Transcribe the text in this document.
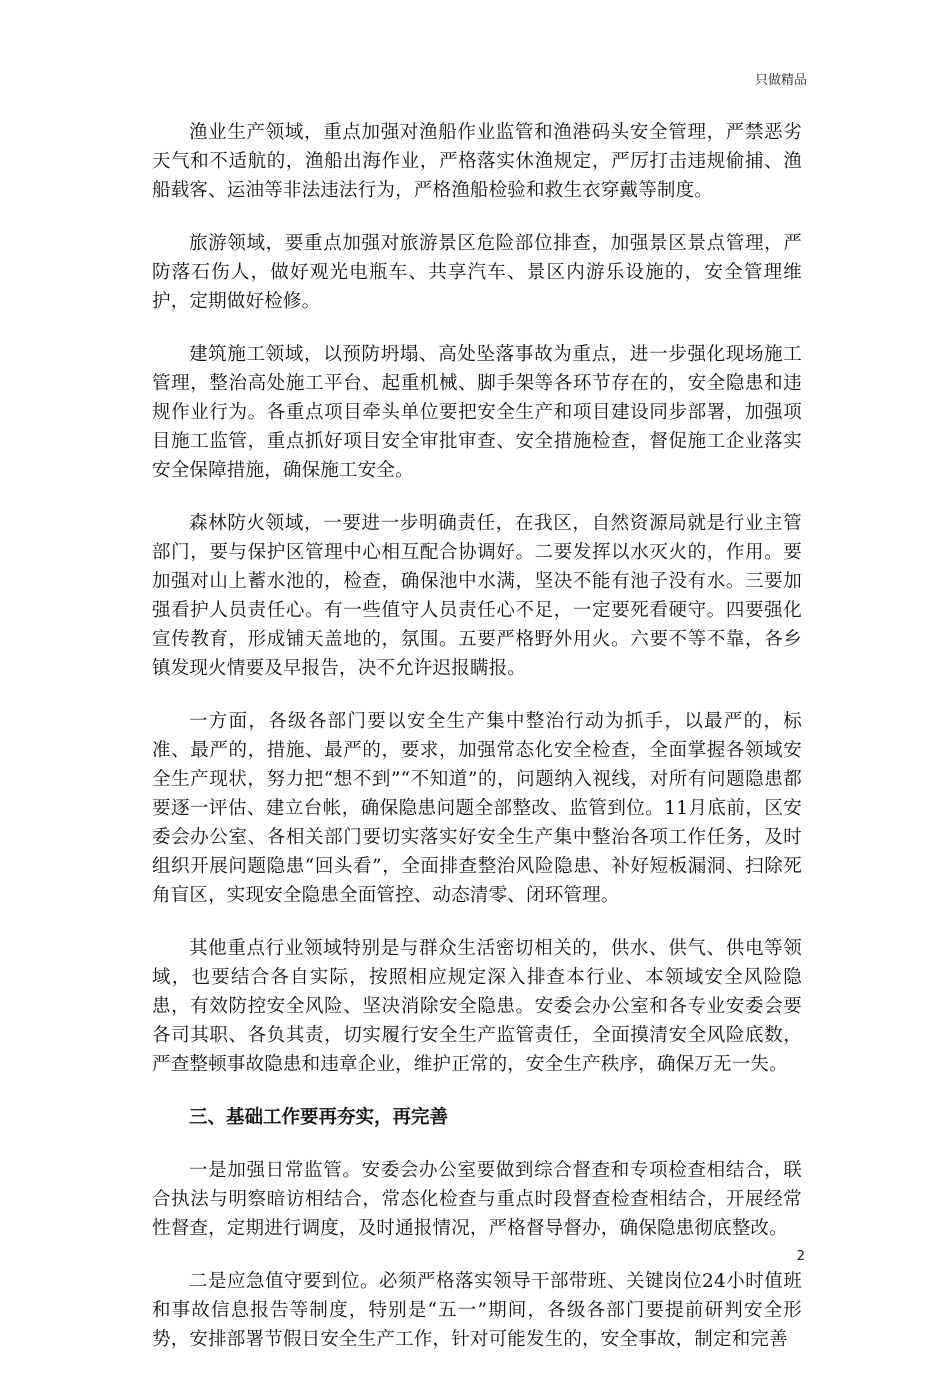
只做精品

渔业生产领域，重点加强对渔船作业监管和渔港码头安全管理，严禁恶劣天气和不适航的，渔船出海作业，严格落实休渔规定，严厉打击违规偷捕、渔船载客、运油等非法违法行为，严格渔船检验和救生衣穿戴等制度。

旅游领域，要重点加强对旅游景区危险部位排查，加强景区景点管理，严防落石伤人，做好观光电瓶车、共享汽车、景区内游乐设施的，安全管理维护，定期做好检修。

建筑施工领域，以预防坍塌、高处坠落事故为重点，进一步强化现场施工管理，整治高处施工平台、起重机械、脚手架等各环节存在的，安全隐患和违规作业行为。各重点项目牵头单位要把安全生产和项目建设同步部署，加强项目施工监管，重点抓好项目安全审批审查、安全措施检查，督促施工企业落实安全保障措施，确保施工安全。

森林防火领域，一要进一步明确责任，在我区，自然资源局就是行业主管部门，要与保护区管理中心相互配合协调好。二要发挥以水灭火的，作用。要加强对山上蓄水池的，检查，确保池中水满，坚决不能有池子没有水。三要加强看护人员责任心。有一些值守人员责任心不足，一定要死看硬守。四要强化宣传教育，形成铺天盖地的，氛围。五要严格野外用火。六要不等不靠，各乡镇发现火情要及早报告，决不允许迟报瞒报。

一方面，各级各部门要以安全生产集中整治行动为抓手，以最严的，标准、最严的，措施、最严的，要求，加强常态化安全检查，全面掌握各领域安全生产现状，努力把“想不到”“不知道”的，问题纳入视线，对所有问题隐患都要逐一评估、建立台帐，确保隐患问题全部整改、监管到位。11月底前，区安委会办公室、各相关部门要切实落实好安全生产集中整治各项工作任务，及时组织开展问题隐患“回头看”，全面排查整治风险隐患、补好短板漏洞、扫除死角盲区，实现安全隐患全面管控、动态清零、闭环管理。

其他重点行业领域特别是与群众生活密切相关的，供水、供气、供电等领域，也要结合各自实际，按照相应规定深入排查本行业、本领域安全风险隐患，有效防控安全风险、坚决消除安全隐患。安委会办公室和各专业安委会要各司其职、各负其责，切实履行安全生产监管责任，全面摸清安全风险底数，严查整顿事故隐患和违章企业，维护正常的，安全生产秩序，确保万无一失。

三、基础工作要再夯实，再完善

一是加强日常监管。安委会办公室要做到综合督查和专项检查相结合，联合执法与明察暗访相结合，常态化检查与重点时段督查检查相结合，开展经常性督查，定期进行调度，及时通报情况，严格督导督办，确保隐患彻底整改。

二是应急值守要到位。必须严格落实领导干部带班、关键岗位24小时值班和事故信息报告等制度，特别是“五一”期间，各级各部门要提前研判安全形势，安排部署节假日安全生产工作，针对可能发生的，安全事故，制定和完善

2
